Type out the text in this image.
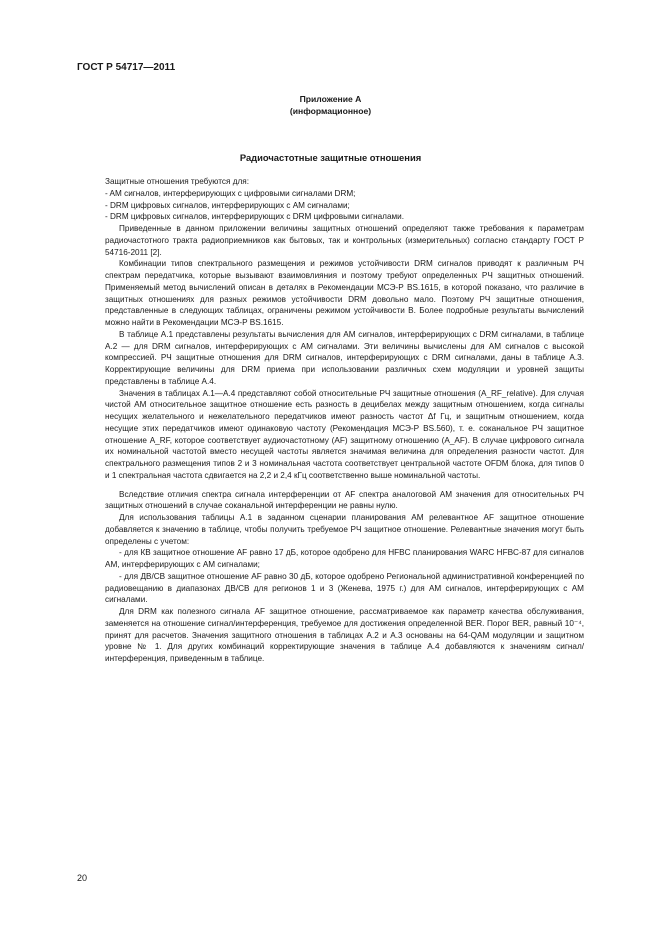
ГОСТ Р 54717—2011
Приложение А
(информационное)
Радиочастотные защитные отношения

Защитные отношения требуются для:

- AM сигналов, интерферирующих с цифровыми сигналами DRM;
- DRM цифровых сигналов, интерферирующих с AM сигналами;
- DRM цифровых сигналов, интерферирующих с DRM цифровыми сигналами.

Приведенные в данном приложении величины защитных отношений определяют также требования к параметрам радиочастотного тракта радиоприемников как бытовых, так и контрольных (измерительных) согласно стандарту ГОСТ Р 54716-2011 [2].

Комбинации типов спектрального размещения и режимов устойчивости DRM сигналов приводят к различным РЧ спектрам передатчика, которые вызывают взаимовлияния и поэтому требуют определенных РЧ защитных отношений. Применяемый метод вычислений описан в деталях в Рекомендации МСЭ-Р BS.1615, в которой показано, что различие в защитных отношениях для разных режимов устойчивости DRM довольно мало. Поэтому РЧ защитные отношения, представленные в следующих таблицах, ограничены режимом устойчивости B. Более подробные результаты вычислений можно найти в Рекомендации МСЭ-Р BS.1615.

В таблице А.1 представлены результаты вычисления для AM сигналов, интерферирующих с DRM сигналами, в таблице А.2 — для DRM сигналов, интерферирующих с AM сигналами. Эти величины вычислены для AM сигналов с высокой компрессией. РЧ защитные отношения для DRM сигналов, интерферирующих с DRM сигналами, даны в таблице А.3. Корректирующие величины для DRM приема при использовании различных схем модуляции и уровней защиты представлены в таблице А.4.

Значения в таблицах А.1—А.4 представляют собой относительные РЧ защитные отношения (A_RF_relative). Для случая чистой AM относительное защитное отношение есть разность в децибелах между защитным отношением, когда сигналы несущих желательного и нежелательного передатчиков имеют разность частот Δf Гц, и защитным отношением, когда несущие этих передатчиков имеют одинаковую частоту (Рекомендация МСЭ-Р BS.560), т. е. соканальное РЧ защитное отношение A_RF, которое соответствует аудиочастотному (AF) защитному отношению (A_AF). В случае цифрового сигнала их номинальной частотой вместо несущей частоты является значимая величина для определения разности частот. Для спектрального размещения типов 2 и 3 номинальная частота соответствует центральной частоте OFDM блока, для типов 0 и 1 спектральная частота сдвигается на 2,2 и 2,4 кГц соответственно выше номинальной частоты.

Вследствие отличия спектра сигнала интерференции от AF спектра аналоговой AM значения для относительных РЧ защитных отношений в случае соканальной интерференции не равны нулю.

Для использования таблицы А.1 в заданном сценарии планирования AM релевантное AF защитное отношение добавляется к значению в таблице, чтобы получить требуемое РЧ защитное отношение. Релевантные значения могут быть определены с учетом:

- для КВ защитное отношение AF равно 17 дБ, которое одобрено для HFBC планирования WARC HFBC-87 для сигналов AM, интерферирующих с AM сигналами;

- для ДВ/СВ защитное отношение AF равно 30 дБ, которое одобрено Региональной административной конференцией по радиовещанию в диапазонах ДВ/СВ для регионов 1 и 3 (Женева, 1975 г.) для AM сигналов, интерферирующих с AM сигналами.

Для DRM как полезного сигнала AF защитное отношение, рассматриваемое как параметр качества обслуживания, заменяется на отношение сигнал/интерференция, требуемое для достижения определенной BER. Порог BER, равный 10⁻⁴, принят для расчетов. Значения защитного отношения в таблицах А.2 и А.3 основаны на 64-QAM модуляции и защитном уровне № 1. Для других комбинаций корректирующие значения в таблице А.4 добавляются к значениям сигнал/интерференция, приведенным в таблице.

20
